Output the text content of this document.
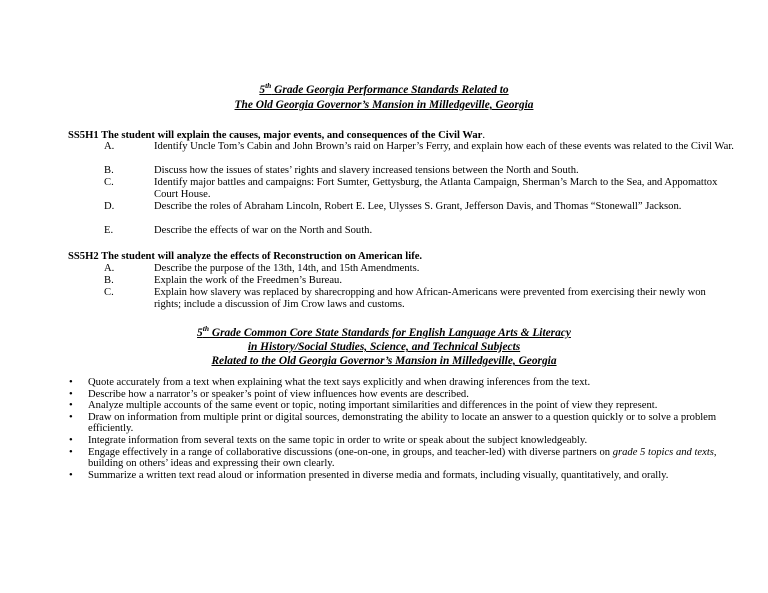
5th Grade Georgia Performance Standards Related to
The Old Georgia Governor’s Mansion in Milledgeville, Georgia
SS5H1 The student will explain the causes, major events, and consequences of the Civil War.
A.	Identify Uncle Tom’s Cabin and John Brown’s raid on Harper’s Ferry, and explain how each of these events was related to the Civil War.
B.	Discuss how the issues of states’ rights and slavery increased tensions between the North and South.
C.	Identify major battles and campaigns: Fort Sumter, Gettysburg, the Atlanta Campaign, Sherman’s March to the Sea, and Appomattox Court House.
D.	Describe the roles of Abraham Lincoln, Robert E. Lee, Ulysses S. Grant, Jefferson Davis, and Thomas “Stonewall” Jackson.
E.	Describe the effects of war on the North and South.
SS5H2 The student will analyze the effects of Reconstruction on American life.
A.	Describe the purpose of the 13th, 14th, and 15th Amendments.
B.	Explain the work of the Freedmen’s Bureau.
C.	Explain how slavery was replaced by sharecropping and how African-Americans were prevented from exercising their newly won rights; include a discussion of Jim Crow laws and customs.
5th Grade Common Core State Standards for English Language Arts & Literacy
in History/Social Studies, Science, and Technical Subjects
Related to the Old Georgia Governor’s Mansion in Milledgeville, Georgia
• Quote accurately from a text when explaining what the text says explicitly and when drawing inferences from the text.
• Describe how a narrator’s or speaker’s point of view influences how events are described.
• Analyze multiple accounts of the same event or topic, noting important similarities and differences in the point of view they represent.
• Draw on information from multiple print or digital sources, demonstrating the ability to locate an answer to a question quickly or to solve a problem efficiently.
• Integrate information from several texts on the same topic in order to write or speak about the subject knowledgeably.
• Engage effectively in a range of collaborative discussions (one-on-one, in groups, and teacher-led) with diverse partners on grade 5 topics and texts, building on others’ ideas and expressing their own clearly.
• Summarize a written text read aloud or information presented in diverse media and formats, including visually, quantitatively, and orally.
